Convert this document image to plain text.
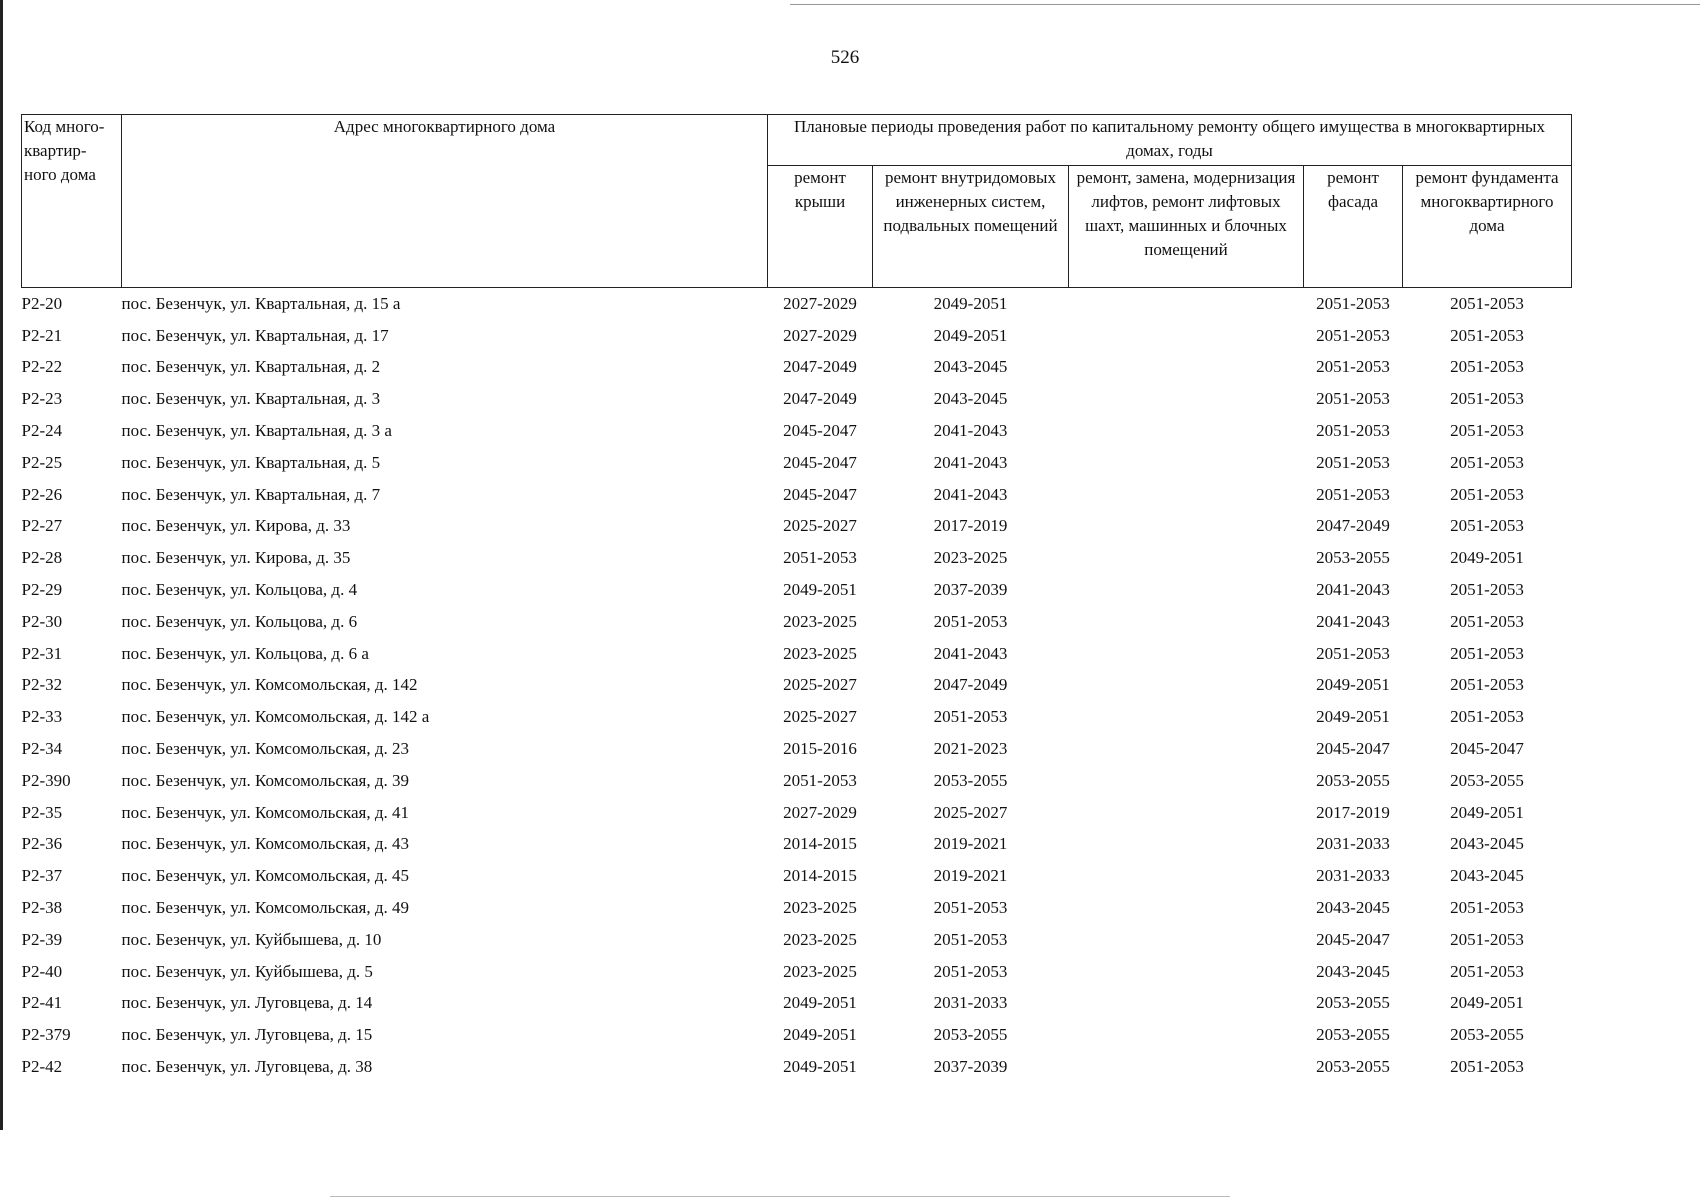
526
Код много-квартир-ного дома	Адрес многоквартирного дома	Плановые периоды проведения работ по капитальному ремонту общего имущества в многоквартирных домах, годы				
		ремонт крыши	ремонт внутридомовых инженерных систем, подвальных помещений	ремонт, замена, модернизация лифтов, ремонт лифтовых шахт, машинных и блочных помещений	ремонт фасада	ремонт фундамента многоквартирного дома
P2-20	пос. Безенчук, ул. Квартальная, д. 15 а	2027-2029	2049-2051		2051-2053	2051-2053
P2-21	пос. Безенчук, ул. Квартальная, д. 17	2027-2029	2049-2051		2051-2053	2051-2053
P2-22	пос. Безенчук, ул. Квартальная, д. 2	2047-2049	2043-2045		2051-2053	2051-2053
P2-23	пос. Безенчук, ул. Квартальная, д. 3	2047-2049	2043-2045		2051-2053	2051-2053
P2-24	пос. Безенчук, ул. Квартальная, д. 3 а	2045-2047	2041-2043		2051-2053	2051-2053
P2-25	пос. Безенчук, ул. Квартальная, д. 5	2045-2047	2041-2043		2051-2053	2051-2053
P2-26	пос. Безенчук, ул. Квартальная, д. 7	2045-2047	2041-2043		2051-2053	2051-2053
P2-27	пос. Безенчук, ул. Кирова, д. 33	2025-2027	2017-2019		2047-2049	2051-2053
P2-28	пос. Безенчук, ул. Кирова, д. 35	2051-2053	2023-2025		2053-2055	2049-2051
P2-29	пос. Безенчук, ул. Кольцова, д. 4	2049-2051	2037-2039		2041-2043	2051-2053
P2-30	пос. Безенчук, ул. Кольцова, д. 6	2023-2025	2051-2053		2041-2043	2051-2053
P2-31	пос. Безенчук, ул. Кольцова, д. 6 а	2023-2025	2041-2043		2051-2053	2051-2053
P2-32	пос. Безенчук, ул. Комсомольская, д. 142	2025-2027	2047-2049		2049-2051	2051-2053
P2-33	пос. Безенчук, ул. Комсомольская, д. 142 а	2025-2027	2051-2053		2049-2051	2051-2053
P2-34	пос. Безенчук, ул. Комсомольская, д. 23	2015-2016	2021-2023		2045-2047	2045-2047
P2-390	пос. Безенчук, ул. Комсомольская, д. 39	2051-2053	2053-2055		2053-2055	2053-2055
P2-35	пос. Безенчук, ул. Комсомольская, д. 41	2027-2029	2025-2027		2017-2019	2049-2051
P2-36	пос. Безенчук, ул. Комсомольская, д. 43	2014-2015	2019-2021		2031-2033	2043-2045
P2-37	пос. Безенчук, ул. Комсомольская, д. 45	2014-2015	2019-2021		2031-2033	2043-2045
P2-38	пос. Безенчук, ул. Комсомольская, д. 49	2023-2025	2051-2053		2043-2045	2051-2053
P2-39	пос. Безенчук, ул. Куйбышева, д. 10	2023-2025	2051-2053		2045-2047	2051-2053
P2-40	пос. Безенчук, ул. Куйбышева, д. 5	2023-2025	2051-2053		2043-2045	2051-2053
P2-41	пос. Безенчук, ул. Луговцева, д. 14	2049-2051	2031-2033		2053-2055	2049-2051
P2-379	пос. Безенчук, ул. Луговцева, д. 15	2049-2051	2053-2055		2053-2055	2053-2055
P2-42	пос. Безенчук, ул. Луговцева, д. 38	2049-2051	2037-2039		2053-2055	2051-2053
